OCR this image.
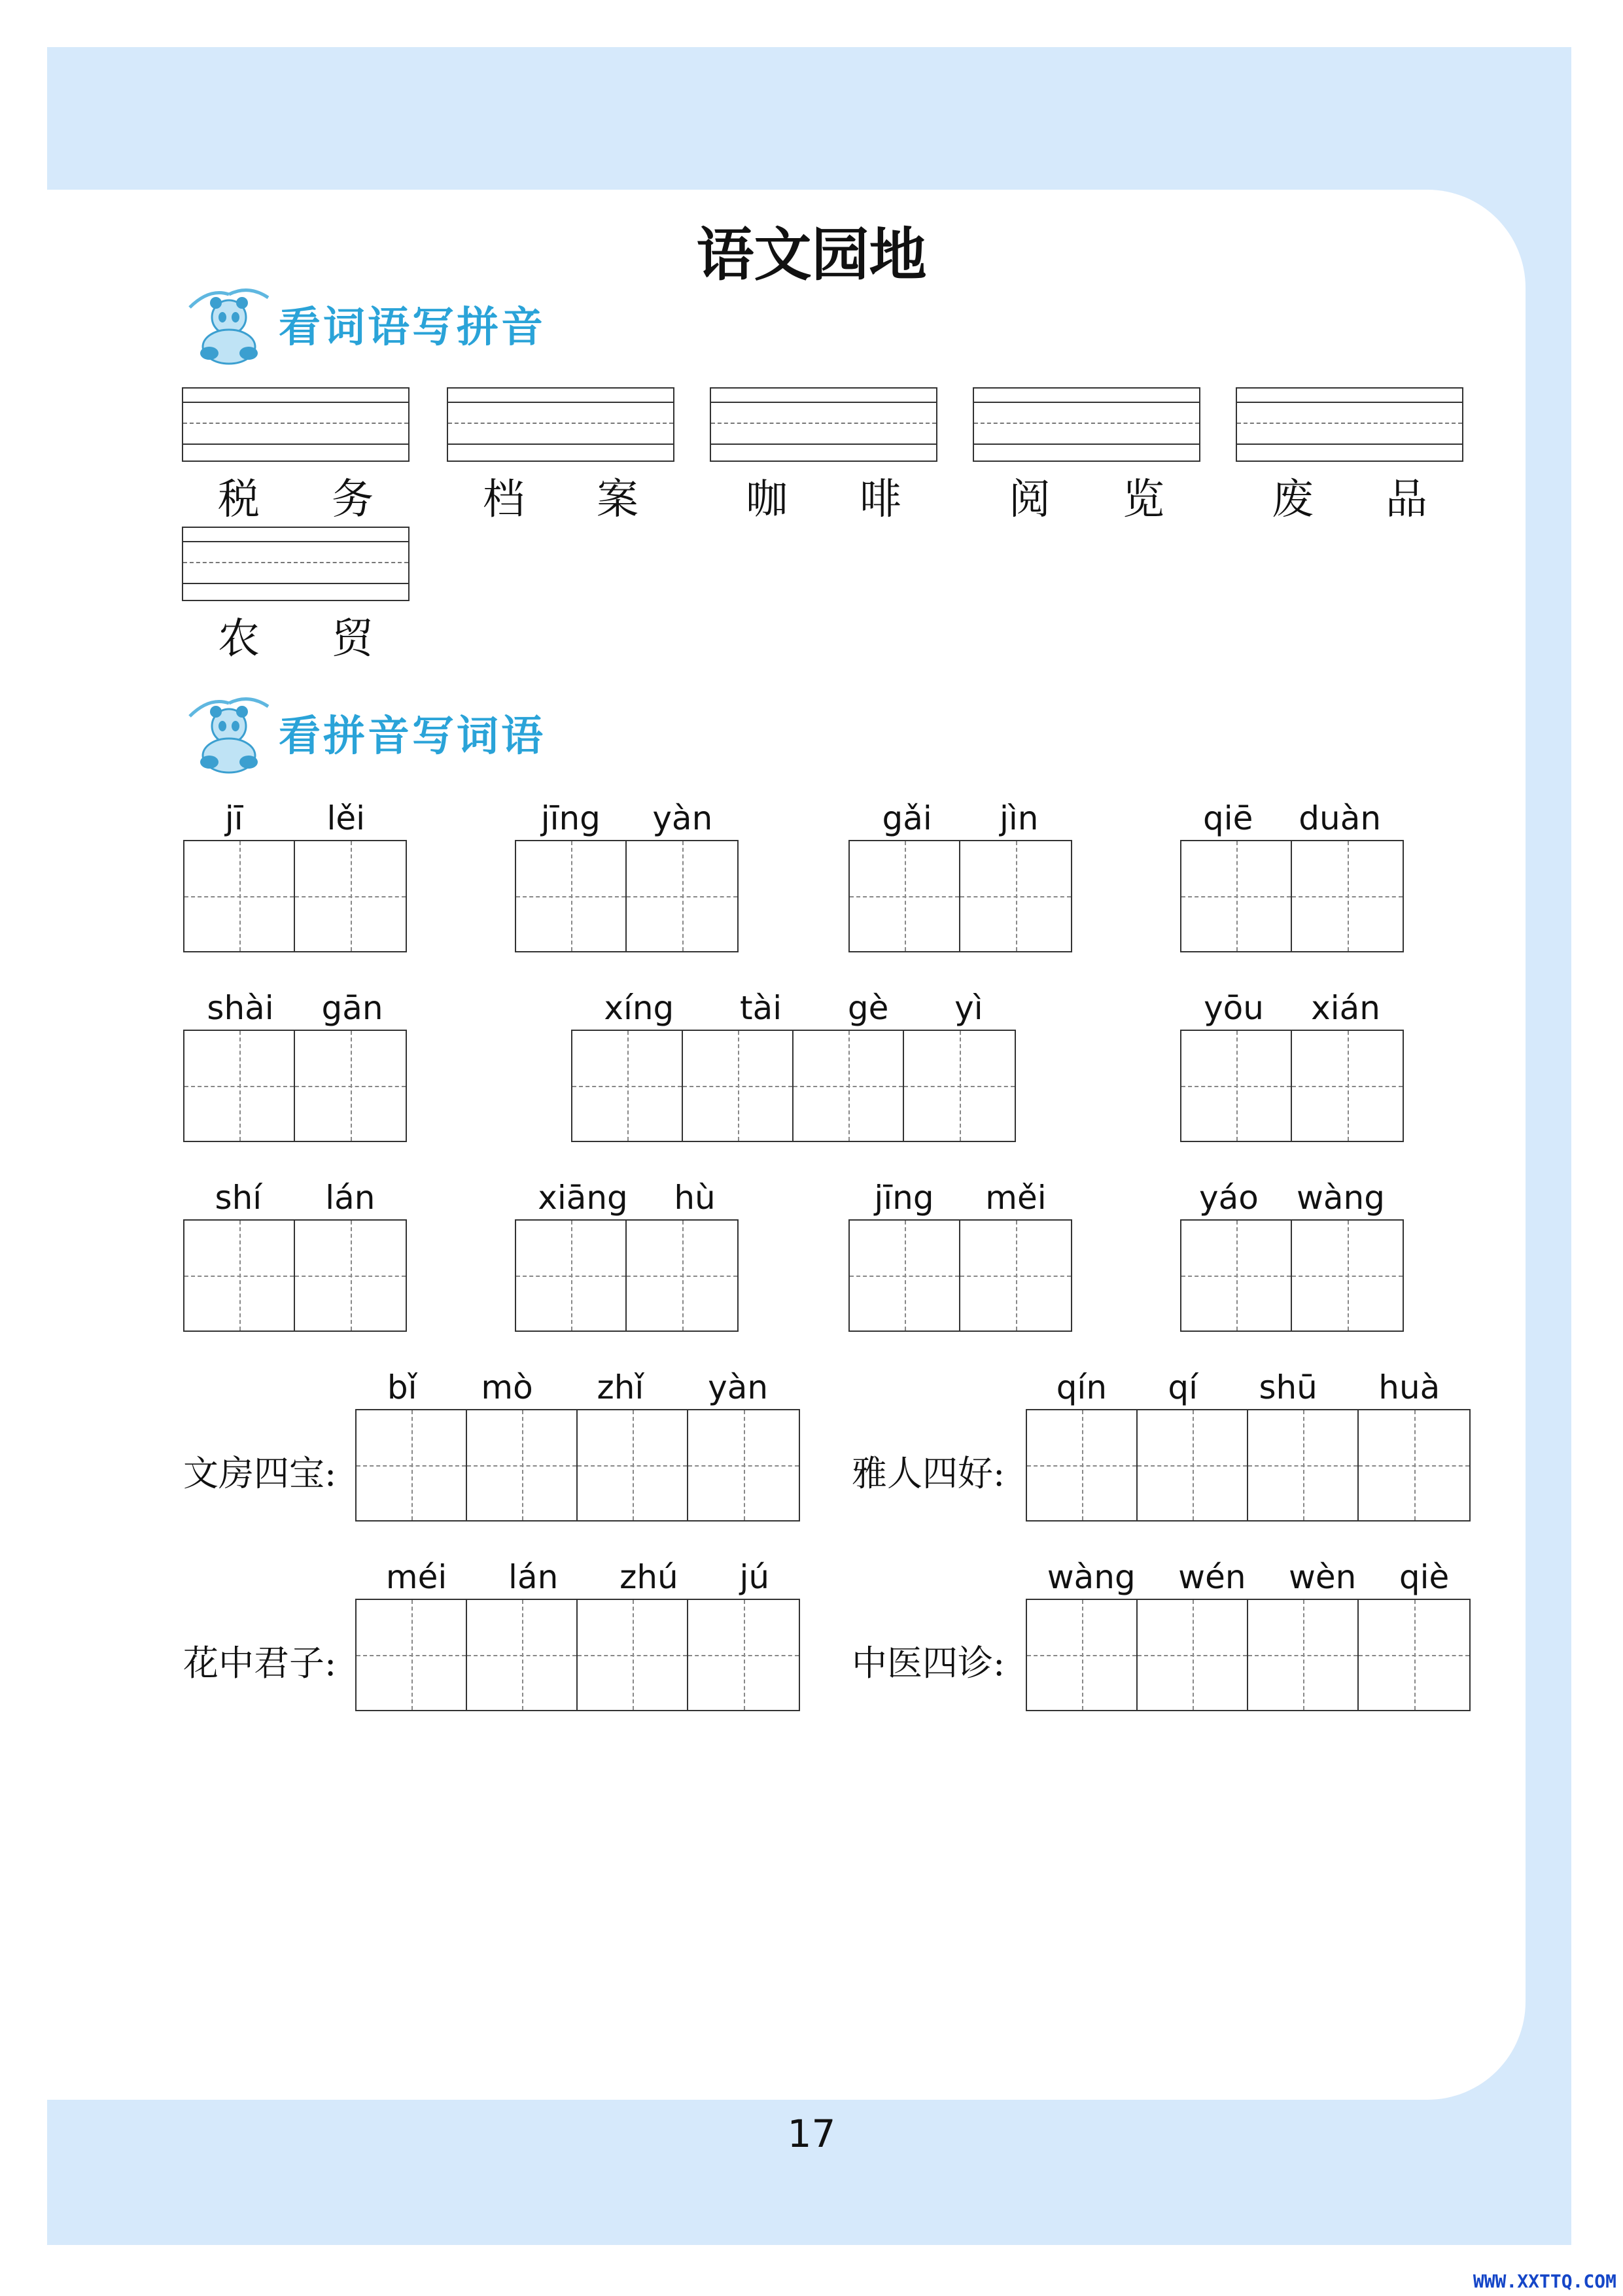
语文园地
看词语写拼音
税 务	档 案	咖 啡	阅 览	废 品
农 贸
看拼音写词语
jī	lěi	jīng yàn	gǎi jìn	qiē duàn
shài gān	xíng tài gè yì	yōu xián
shí lán	xiāng hù	jīng měi	yáo wàng
文房四宝:
bǐ mò zhǐ yàn
雅人四好:
qín qí shū huà
花中君子:
méi lán zhú jú
中医四诊:
wàng wén wèn qiè
17
WWW.XXTTQ.COM
